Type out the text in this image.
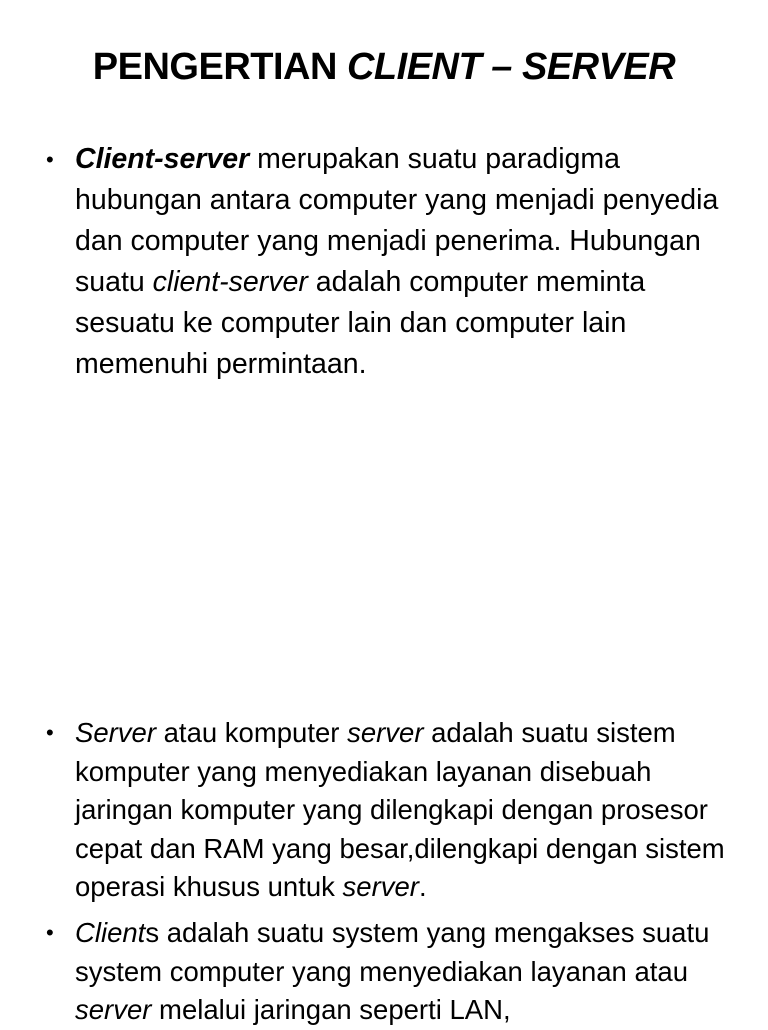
PENGERTIAN CLIENT – SERVER
• Client-server merupakan suatu paradigma hubungan antara computer yang menjadi penyedia dan computer yang menjadi penerima. Hubungan suatu client-server adalah computer meminta sesuatu ke computer lain dan computer lain memenuhi permintaan.
• Server atau komputer server adalah suatu sistem komputer yang menyediakan layanan disebuah jaringan komputer yang dilengkapi dengan prosesor cepat dan RAM yang besar,dilengkapi dengan sistem operasi khusus untuk server.
• Clients adalah suatu system yang mengakses suatu system computer yang menyediakan layanan atau server melalui jaringan seperti LAN,
